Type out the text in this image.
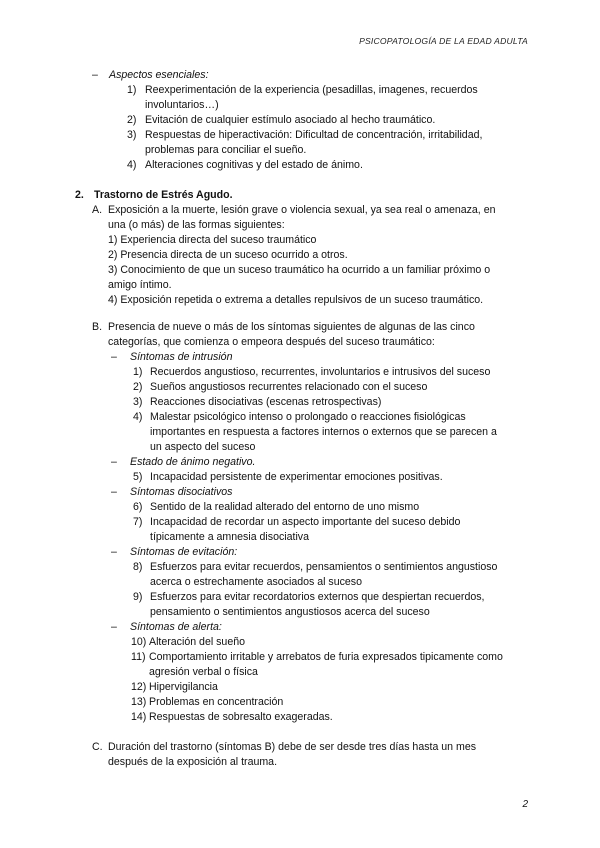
PSICOPATOLOGÍA DE LA EDAD ADULTA
– Aspectos esenciales:
1) Reexperimentación de la experiencia (pesadillas, imagenes, recuerdos
involuntarios…)
2) Evitación de cualquier estímulo asociado al hecho traumático.
3) Respuestas de hiperactivación: Dificultad de concentración, irritabilidad,
problemas para conciliar el sueño.
4) Alteraciones cognitivas y del estado de ánimo.
2. Trastorno de Estrés Agudo.
A. Exposición a la muerte, lesión grave o violencia sexual, ya sea real o amenaza, en
una (o más) de las formas siguientes:
1) Experiencia directa del suceso traumático
2) Presencia directa de un suceso ocurrido a otros.
3) Conocimiento de que un suceso traumático ha ocurrido a un familiar próximo o
amigo íntimo.
4) Exposición repetida o extrema a detalles repulsivos de un suceso traumático.
B. Presencia de nueve o más de los síntomas siguientes de algunas de las cinco
categorías, que comienza o empeora después del suceso traumático:
– Síntomas de intrusión
1) Recuerdos angustioso, recurrentes, involuntarios e intrusivos del suceso
2) Sueños angustiosos recurrentes relacionado con el suceso
3) Reacciones disociativas (escenas retrospectivas)
4) Malestar psicológico intenso o prolongado o reacciones fisiológicas
importantes en respuesta a factores internos o externos que se parecen a
un aspecto del suceso
– Estado de ánimo negativo.
5) Incapacidad persistente de experimentar emociones positivas.
– Síntomas disociativos
6) Sentido de la realidad alterado del entorno de uno mismo
7) Incapacidad de recordar un aspecto importante del suceso debido
típicamente a amnesia disociativa
– Síntomas de evitación:
8) Esfuerzos para evitar recuerdos, pensamientos o sentimientos angustioso
acerca o estrechamente asociados al suceso
9) Esfuerzos para evitar recordatorios externos que despiertan recuerdos,
pensamiento o sentimientos angustiosos acerca del suceso
– Síntomas de alerta:
10) Alteración del sueño
11) Comportamiento irritable y arrebatos de furia expresados tipicamente como
agresión verbal o física
12) Hipervigilancia
13) Problemas en concentración
14) Respuestas de sobresalto exageradas.
C. Duración del trastorno (síntomas B) debe de ser desde tres días hasta un mes
después de la exposición al trauma.
2
